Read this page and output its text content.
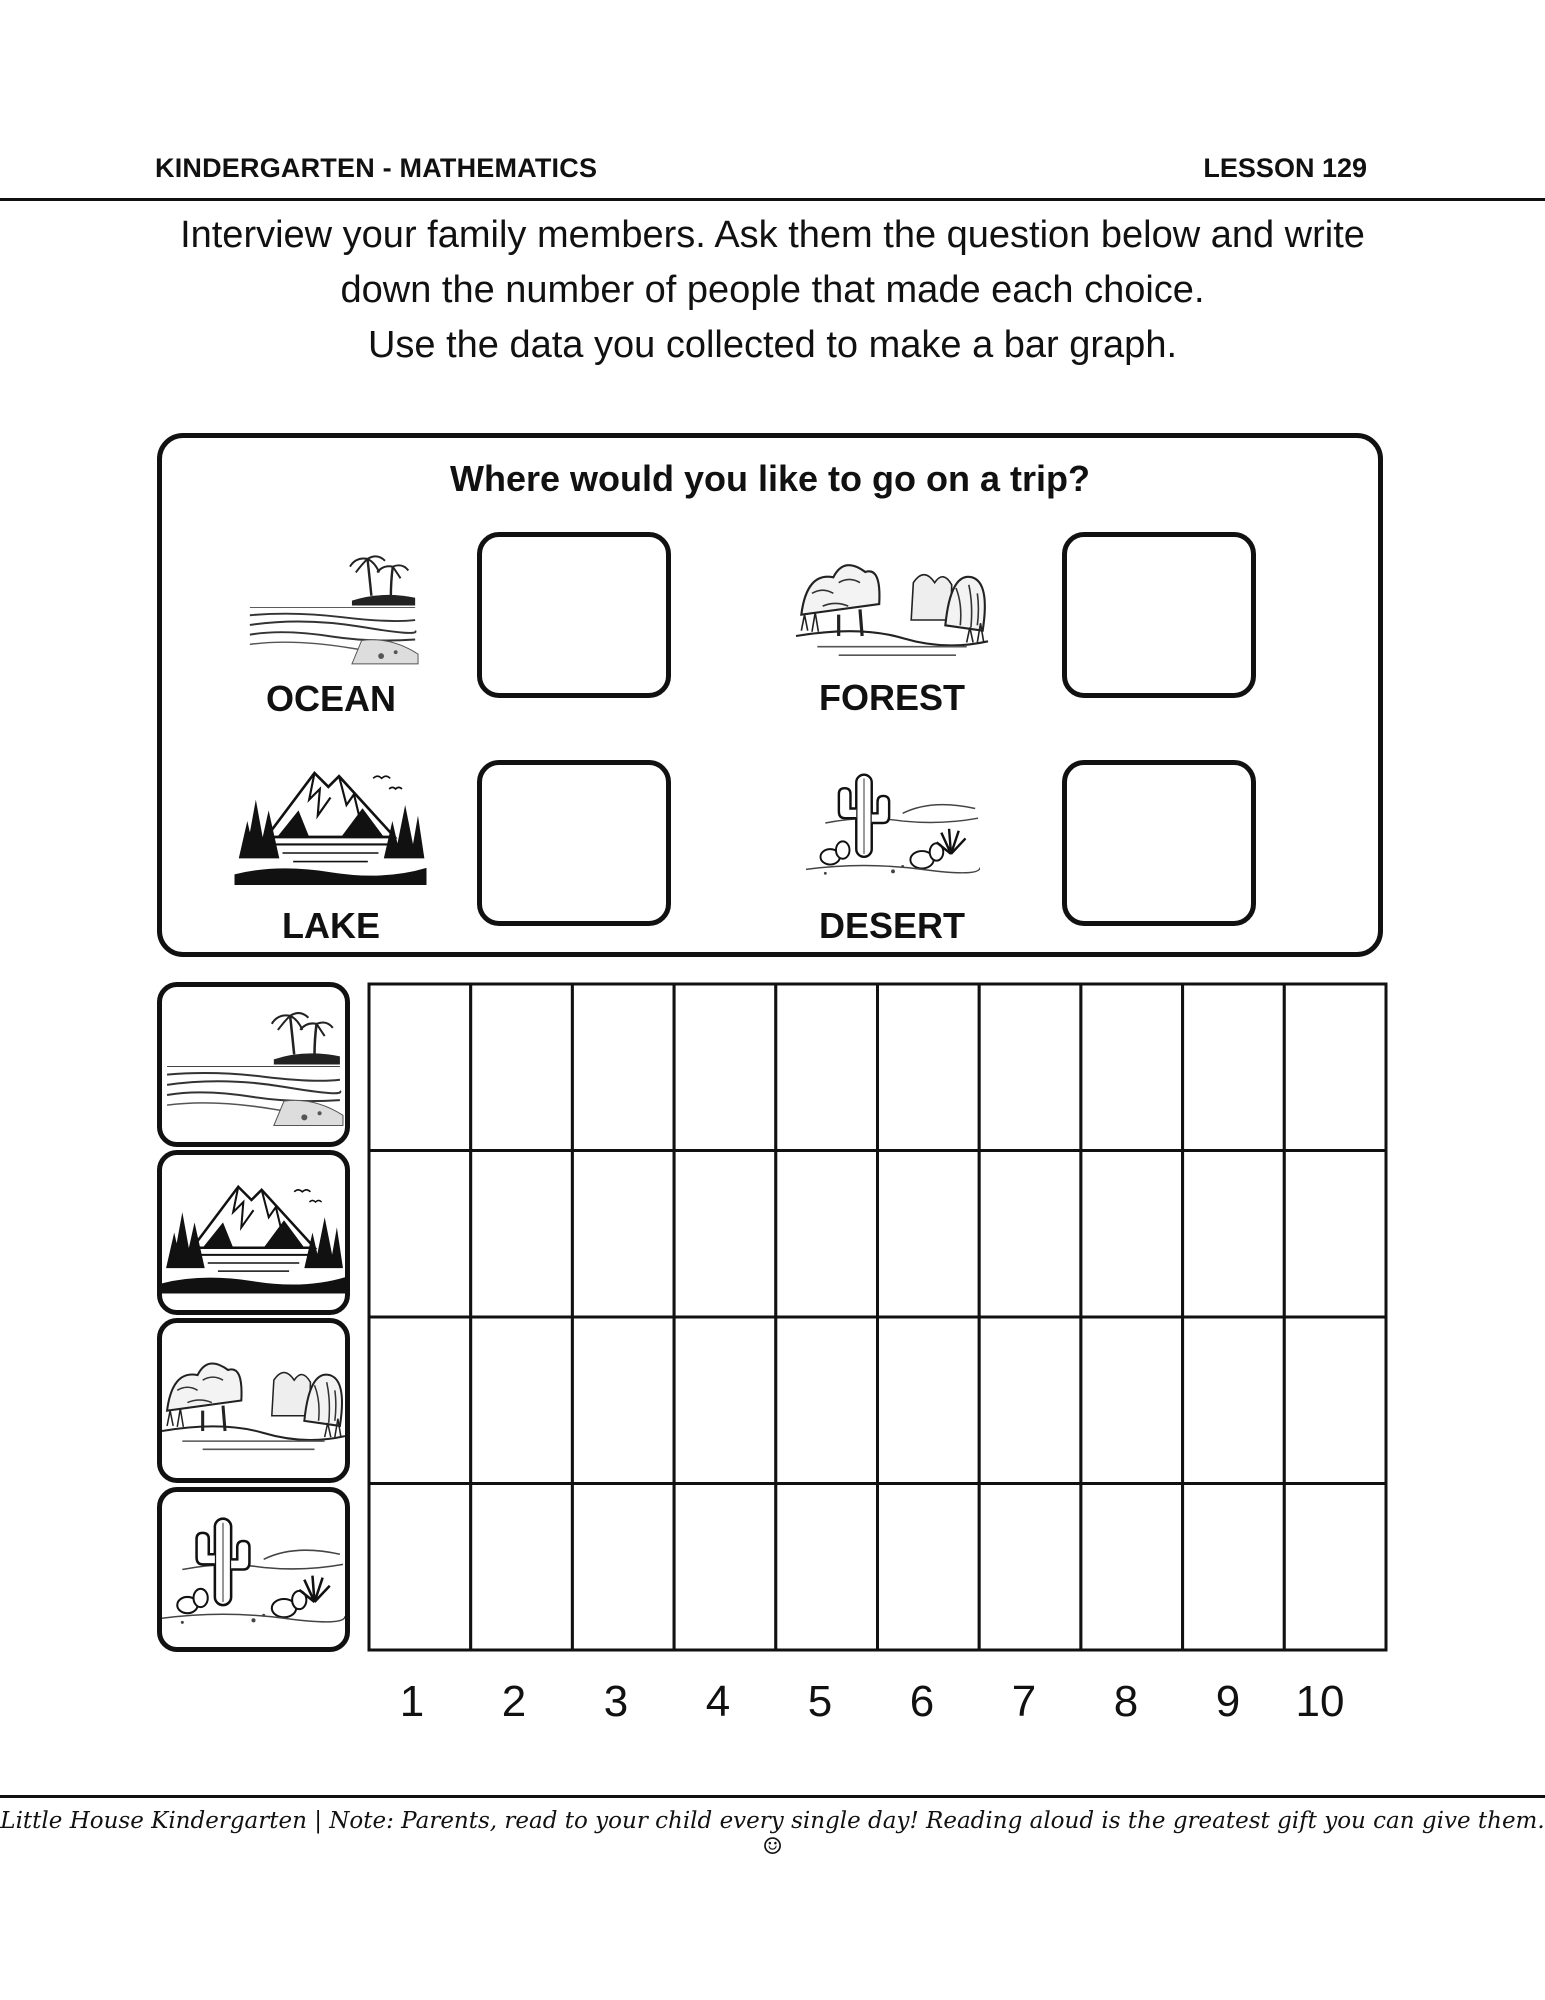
KINDERGARTEN - MATHEMATICS	LESSON 129
Interview your family members. Ask them the question below and write
down the number of people that made each choice.
Use the data you collected to make a bar graph.
Where would you like to go on a trip?
OCEAN	FOREST
LAKE	DESERT
1	2	3	4	5	6	7	8	9	10
Little House Kindergarten | Note: Parents, read to your child every single day! Reading aloud is the greatest gift you can give them. ☺
